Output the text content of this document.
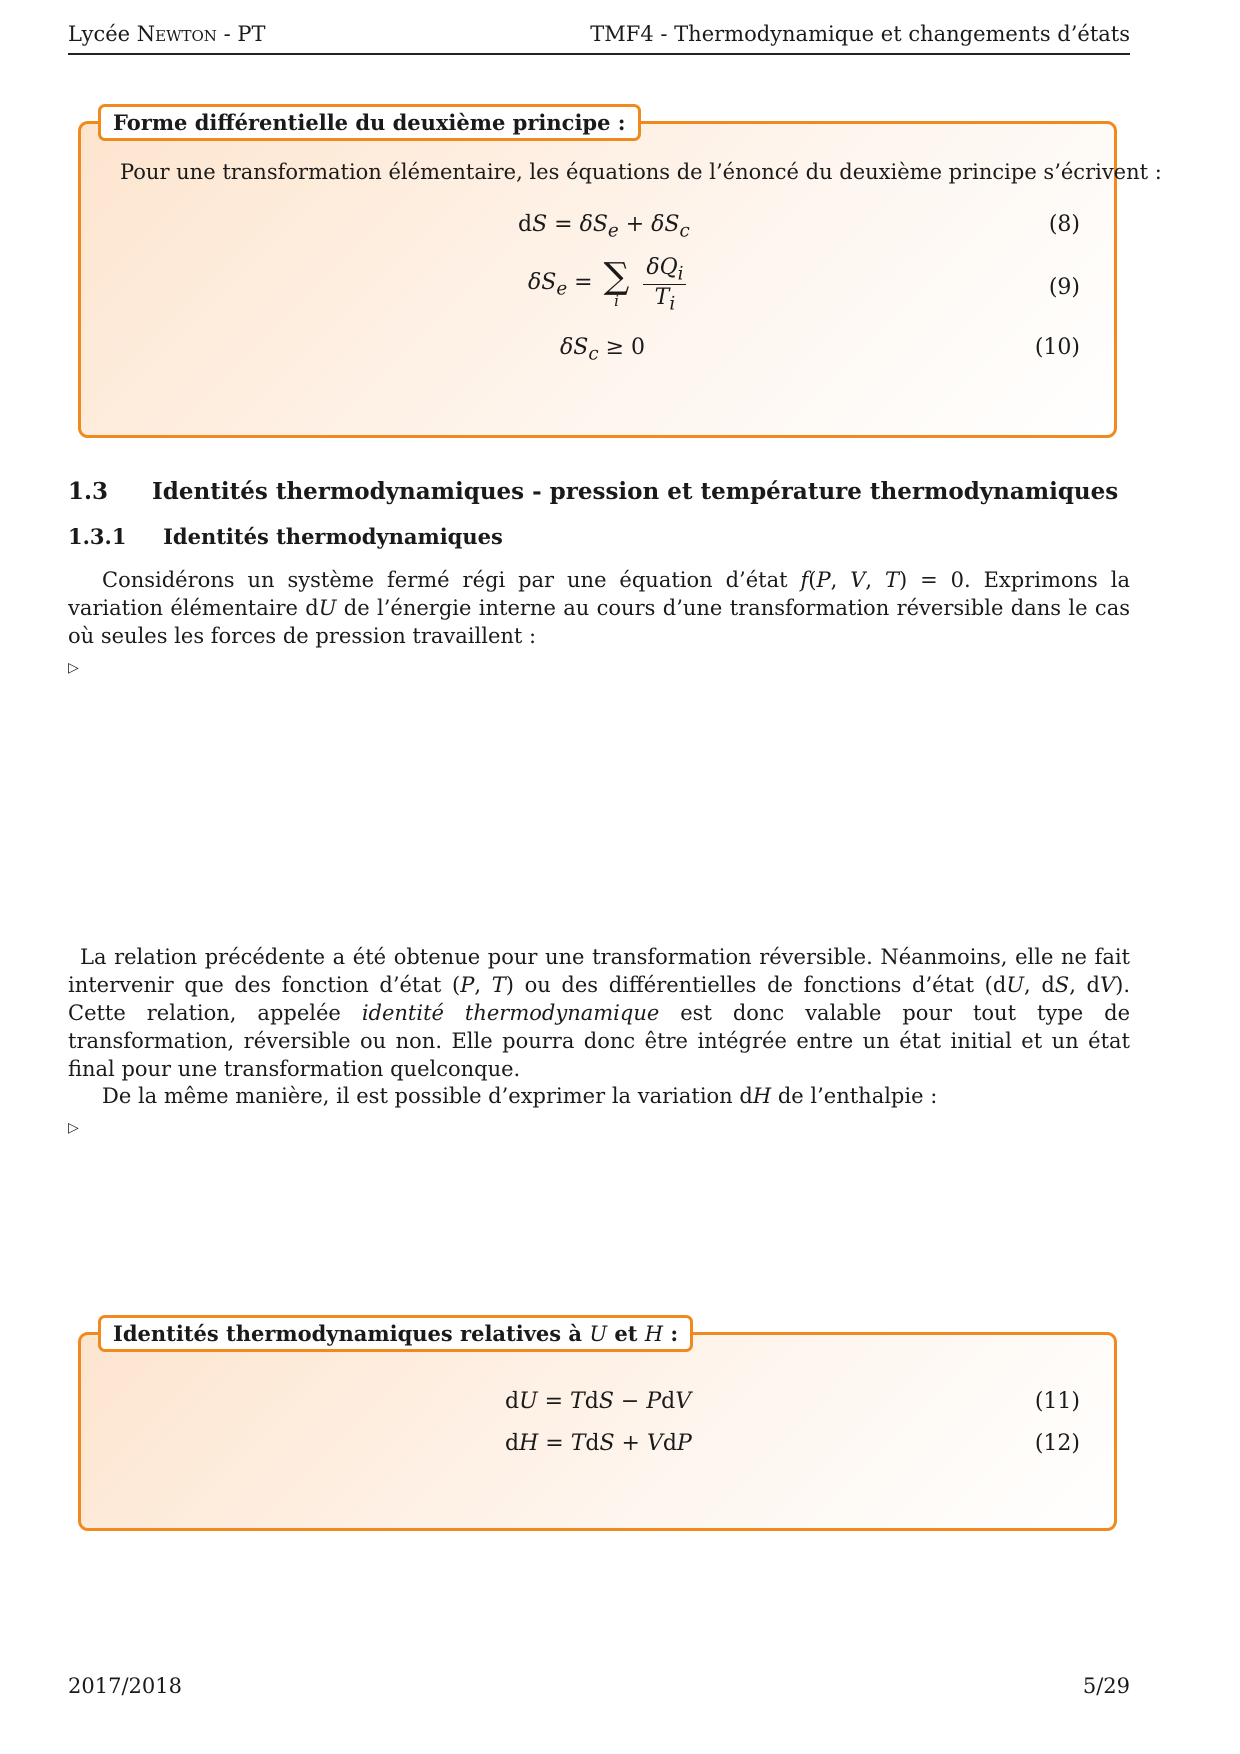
Lycée Newton - PT	TMF4 - Thermodynamique et changements d’états
Forme différentielle du deuxième principe :
Pour une transformation élémentaire, les équations de l’énoncé du deuxième principe s’écrivent :
dS = $\delta S_e + \delta S_c$	(8)
$\delta S_e$ = ∑
i
	$\frac{\delta Q_i}{T_i}$	(9)
$\delta S_c \ge 0$	(10)
1.3 Identités thermodynamiques - pression et température thermodynamiques
1.3.1 Identités thermodynamiques
Considérons un système fermé régi par une équation d’état f(P, V, T) = 0. Exprimons la variation élémentaire dU de l’énergie interne au cours d’une transformation réversible dans le cas où seules les forces de pression travaillent :
▷
La relation précédente a été obtenue pour une transformation réversible. Néanmoins, elle ne fait intervenir que des fonction d’état (P, T) ou des différentielles de fonctions d’état (dU, dS, dV). Cette relation, appelée identité thermodynamique est donc valable pour tout type de transformation, réversible ou non. Elle pourra donc être intégrée entre un état initial et un état final pour une transformation quelconque.
De la même manière, il est possible d’exprimer la variation dH de l’enthalpie :
▷
Identités thermodynamiques relatives à U et H :
dU = TdS − PdV	(11)
dH = TdS + VdP	(12)
2017/2018	5/29
